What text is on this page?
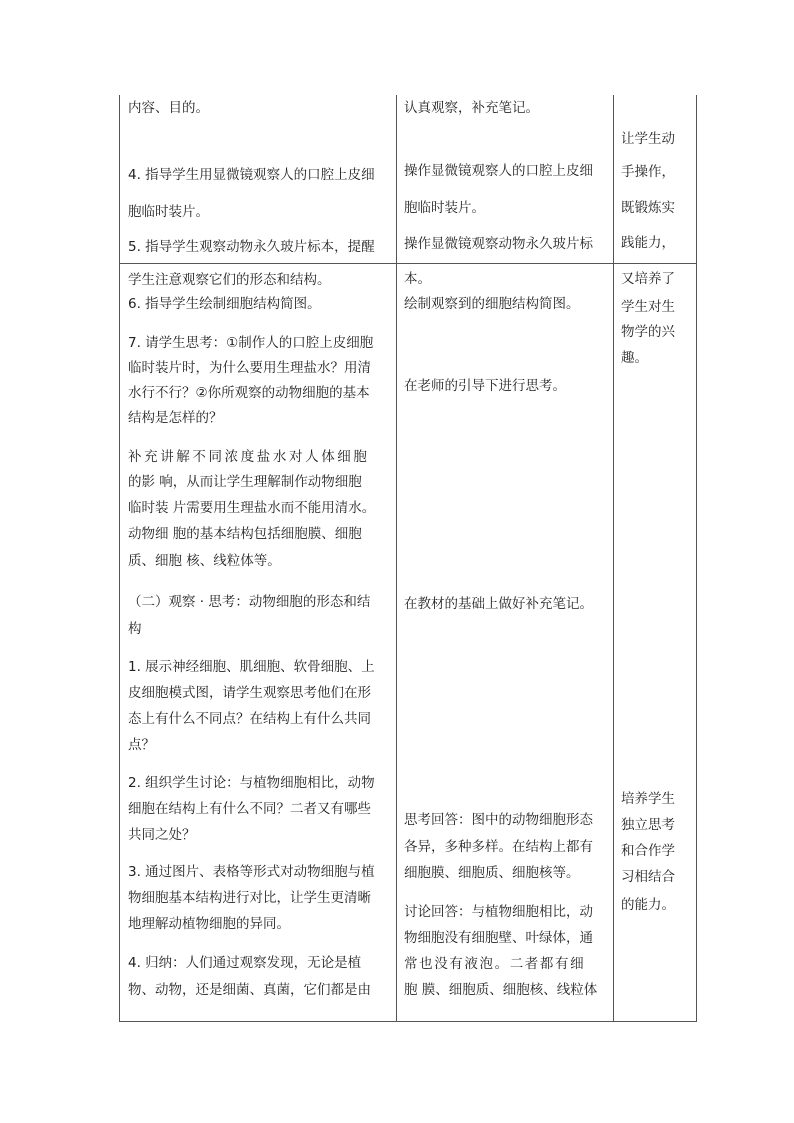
内容、目的。

4. 指导学生用显微镜观察人的口腔上皮细

胞临时装片。

5. 指导学生观察动物永久玻片标本，提醒

学生注意观察它们的形态和结构。

6. 指导学生绘制细胞结构简图。

7. 请学生思考：①制作人的口腔上皮细胞

临时装片时，为什么要用生理盐水？用清

水行不行？②你所观察的动物细胞的基本

结构是怎样的？

补充讲解不同浓度盐水对人体细胞

的影 响，从而让学生理解制作动物细胞

临时装 片需要用生理盐水而不能用清水。

动物细 胞的基本结构包括细胞膜、细胞

质、细胞 核、线粒体等。

（二）观察 · 思考：动物细胞的形态和结

构

1. 展示神经细胞、肌细胞、软骨细胞、上

皮细胞模式图，请学生观察思考他们在形

态上有什么不同点？在结构上有什么共同

点？

2. 组织学生讨论：与植物细胞相比，动物

细胞在结构上有什么不同？二者又有哪些

共同之处？

3. 通过图片、表格等形式对动物细胞与植

物细胞基本结构进行对比，让学生更清晰

地理解动植物细胞的异同。

4. 归纳：人们通过观察发现，无论是植

物、动物，还是细菌、真菌，它们都是由

认真观察，补充笔记。

操作显微镜观察人的口腔上皮细

胞临时装片。

操作显微镜观察动物永久玻片标

本。

绘制观察到的细胞结构简图。

在老师的引导下进行思考。

在教材的基础上做好补充笔记。

思考回答：图中的动物细胞形态

各异，多种多样。在结构上都有

细胞膜、细胞质、细胞核等。

讨论回答：与植物细胞相比，动

物细胞没有细胞壁、叶绿体，通

常也没有液泡。二者都有细

胞 膜、细胞质、细胞核、线粒体

让学生动

手操作，

既锻炼实

践能力，

又培养了

学生对生

物学的兴

趣。

培养学生

独立思考

和合作学

习相结合

的能力。
